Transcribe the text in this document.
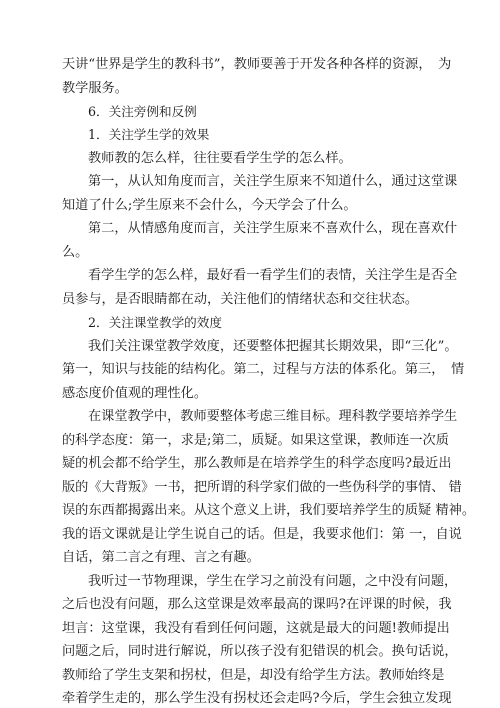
天讲“世界是学生的教科书”，教师要善于开发各种各样的资源，　为
教学服务。
6．关注旁例和反例
1．关注学生学的效果
教师教的怎么样，往往要看学生学的怎么样。
第一，从认知角度而言，关注学生原来不知道什么，通过这堂课
知道了什么;学生原来不会什么，今天学会了什么。
第二，从情感角度而言，关注学生原来不喜欢什么，现在喜欢什
么。
看学生学的怎么样，最好看一看学生们的表情，关注学生是否全
员参与，是否眼睛都在动，关注他们的情绪状态和交往状态。
2．关注课堂教学的效度
我们关注课堂教学效度，还要整体把握其长期效果，即“三化”。
第一，知识与技能的结构化。第二，过程与方法的体系化。第三，　情
感态度价值观的理性化。
在课堂教学中，教师要整体考虑三维目标。理科教学要培养学生
的科学态度：第一，求是;第二，质疑。如果这堂课，教师连一次质
疑的机会都不给学生，那么教师是在培养学生的科学态度吗?最近出
版的《大背叛》一书，把所谓的科学家们做的一些伪科学的事情、 错
误的东西都揭露出来。从这个意义上讲，我们要培养学生的质疑 精神。
我的语文课就是让学生说自己的话。但是，我要求他们：第 一，自说
自话，第二言之有理、言之有趣。
我听过一节物理课，学生在学习之前没有问题，之中没有问题，
之后也没有问题，那么这堂课是效率最高的课吗?在评课的时候，我
坦言：这堂课，我没有看到任何问题，这就是最大的问题!教师提出
问题之后，同时进行解说，所以孩子没有犯错误的机会。换句话说，
教师给了学生支架和拐杖，但是，却没有给学生方法。教师始终是
牵着学生走的，那么学生没有拐杖还会走吗?今后，学生会独立发现
